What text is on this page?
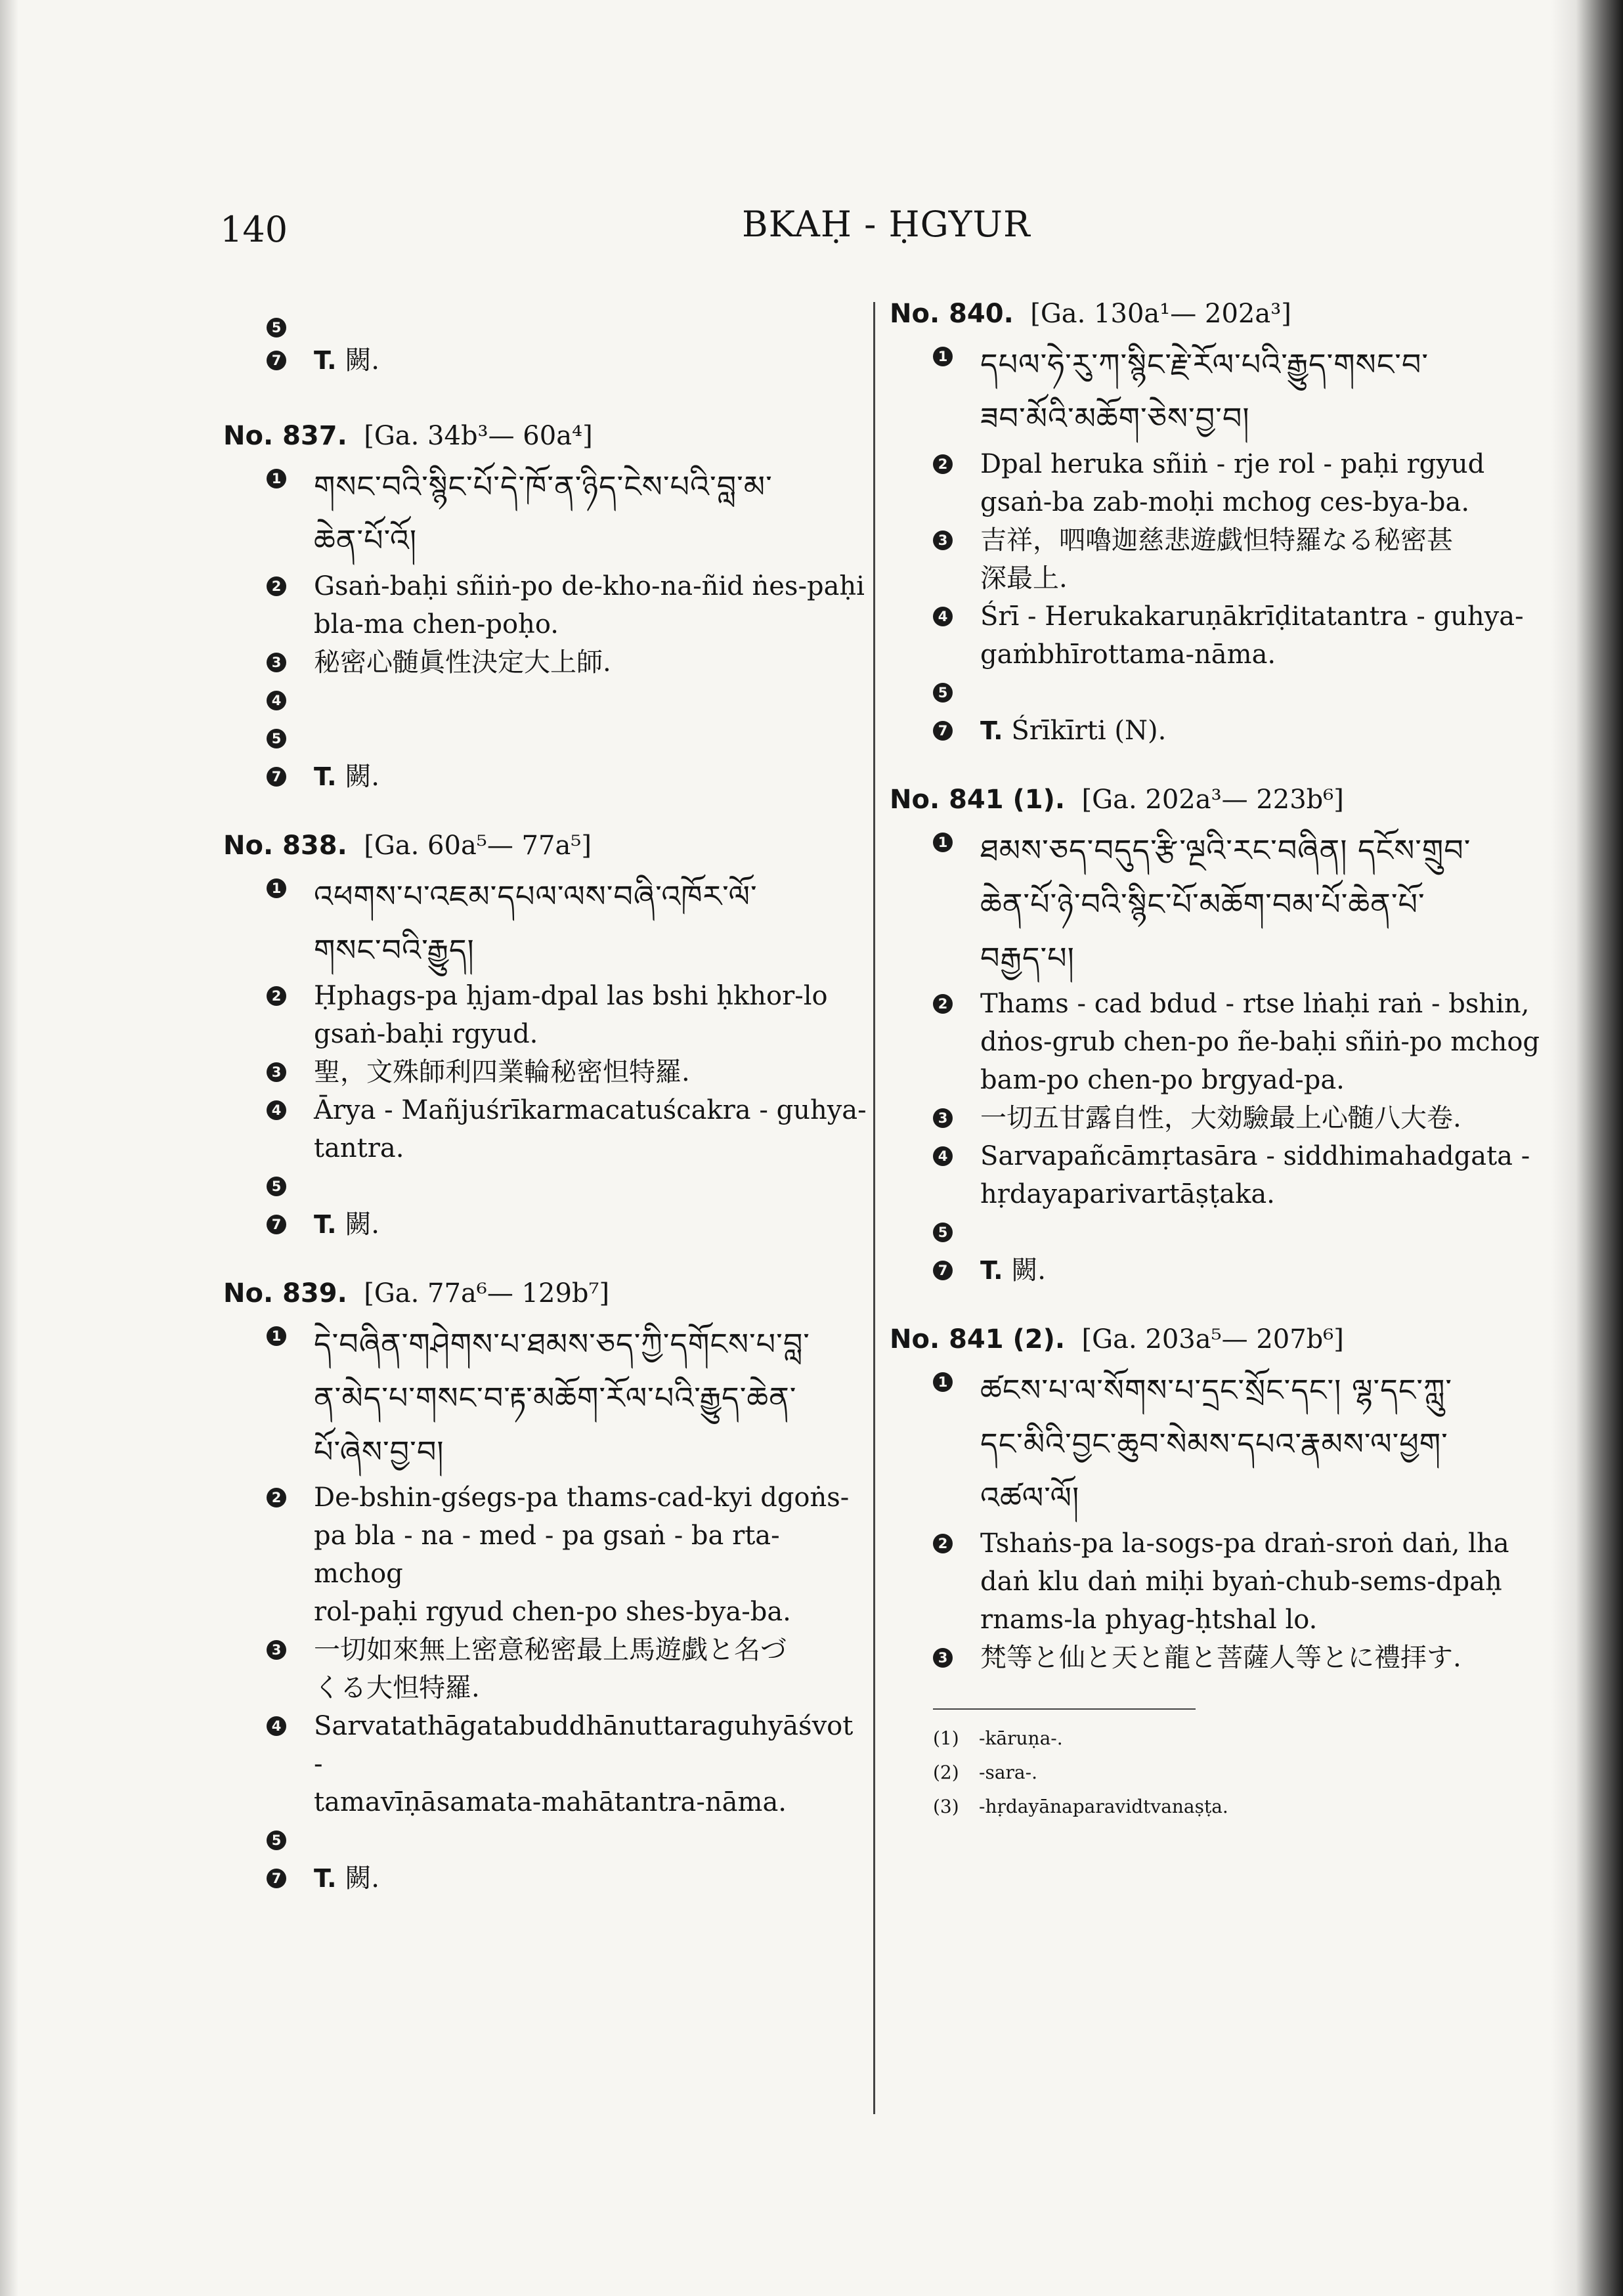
140	BKAḤ - ḤGYUR
5
7 T. 闕.
No. 837. [Ga. 34b³— 60a⁴]
1 གསང་བའི་སྙིང་པོ་དེ་ཁོ་ན་ཉིད་ངེས་པའི་བླ་མ་
ཆེན་པོ་འོ།
2 Gsaṅ-baḥi sñiṅ-po de-kho-na-ñid ṅes-paḥi
bla-ma chen-poḥo.
3 秘密心髄眞性決定大上師.
4

5

7 T. 闕.
No. 838. [Ga. 60a⁵— 77a⁵]
1 འཕགས་པ་འཇམ་དཔལ་ལས་བཞི་འཁོར་ལོ་
གསང་བའི་རྒྱུད།
2 Ḥphags-pa ḥjam-dpal las bshi ḥkhor-lo
gsaṅ-baḥi rgyud.
3 聖，文殊師利四業輪秘密怛特羅.
4 Ārya - Mañjuśrīkarmacatuścakra - guhya-
tantra.
5

7 T. 闕.
No. 839. [Ga. 77a⁶— 129b⁷]
1 དེ་བཞིན་གཤེགས་པ་ཐམས་ཅད་ཀྱི་དགོངས་པ་བླ་
ན་མེད་པ་གསང་བ་རྟ་མཆོག་རོལ་པའི་རྒྱུད་ཆེན་
པོ་ཞེས་བྱ་བ།
2 De-bshin-gśegs-pa thams-cad-kyi dgoṅs-
pa bla - na - med - pa gsaṅ - ba rta-mchog
rol-paḥi rgyud chen-po shes-bya-ba.
3 一切如來無上密意秘密最上馬遊戯と名づ
くる大怛特羅.
4 Sarvatathāgatabuddhānuttaraguhyāśvot -
tamavīṇāsamata-mahātantra-nāma.
5

7 T. 闕.
No. 840. [Ga. 130a¹— 202a³]
1 དཔལ་ཧེ་རུ་ཀ་སྙིང་རྗེ་རོལ་པའི་རྒྱུད་གསང་བ་
ཟབ་མོའི་མཆོག་ཅེས་བྱ་བ།
2 Dpal heruka sñiṅ - rje rol - paḥi rgyud
gsaṅ-ba zab-moḥi mchog ces-bya-ba.
3 吉祥，呬嚕迦慈悲遊戯怛特羅なる秘密甚
深最上.
4 Śrī - Herukakaruṇākrīḍitatantra - guhya-
gaṁbhīrottama-nāma.
5

7 T. Śrīkīrti (N).
No. 841 (1). [Ga. 202a³— 223b⁶]
1 ཐམས་ཅད་བདུད་རྩི་ལྔའི་རང་བཞིན། དངོས་གྲུབ་
ཆེན་པོ་ཉེ་བའི་སྙིང་པོ་མཆོག་བམ་པོ་ཆེན་པོ་
བརྒྱད་པ།
2 Thams - cad bdud - rtse lṅaḥi raṅ - bshin,
dṅos-grub chen-po ñe-baḥi sñiṅ-po mchog
bam-po chen-po brgyad-pa.
3 一切五甘露自性，大効驗最上心髄八大卷.
4 Sarvapañcāmṛtasāra - siddhimahadgata -
hṛdayaparivartāṣṭaka.
5

7 T. 闕.
No. 841 (2). [Ga. 203a⁵— 207b⁶]
1 ཚངས་པ་ལ་སོགས་པ་དྲང་སྲོང་དང་། ལྷ་དང་ཀླུ་
དང་མིའི་བྱང་ཆུབ་སེམས་དཔའ་རྣམས་ལ་ཕྱག་
འཚལ་ལོ།
2 Tshaṅs-pa la-sogs-pa draṅ-sroṅ daṅ, lha
daṅ klu daṅ miḥi byaṅ-chub-sems-dpaḥ
rnams-la phyag-ḥtshal lo.
3 梵等と仙と天と龍と菩薩人等とに禮拝す.
(1)	-kāruṇa-.
(2)	-sara-.
(3)	-hṛdayānaparavidtvanaṣṭa.
